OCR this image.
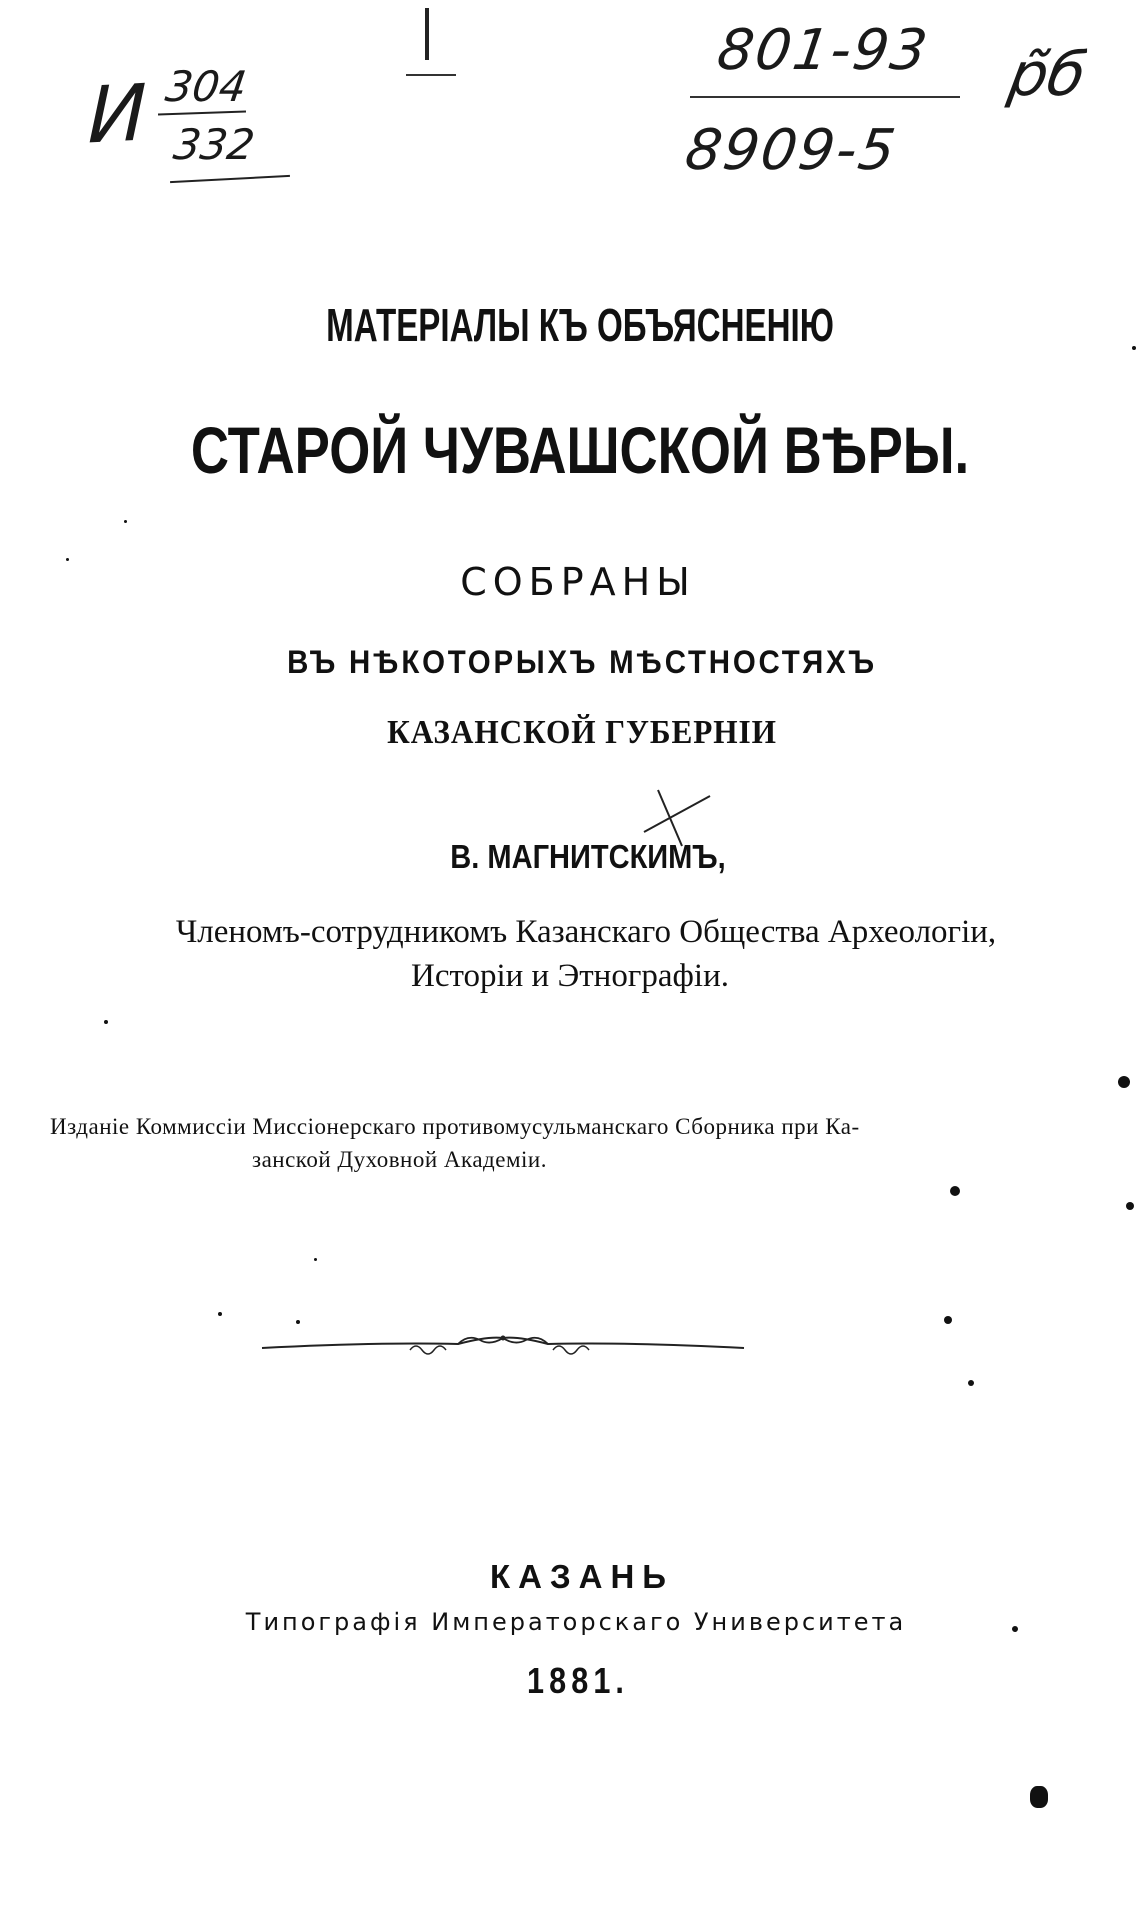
И 304
332
801-93
8909-5
р̃б
МАТЕРІАЛЫ КЪ ОБЪЯСНЕНІЮ
СТАРОЙ ЧУВАШСКОЙ ВѢРЫ.
СОБРАНЫ
ВЪ НѢКОТОРЫХЪ МѢСТНОСТЯХЪ
КАЗАНСКОЙ ГУБЕРНІИ
В. МАГНИТСКИМЪ,
Членомъ-сотрудникомъ Казанскаго Общества Археологіи,
Исторіи и Этнографіи.
Изданіе Коммиссіи Миссіонерскаго противомусульманскаго Сборника при Ка-
занской Духовной Академіи.
КАЗАНЬ
Типографія Императорскаго Университета
1881.
